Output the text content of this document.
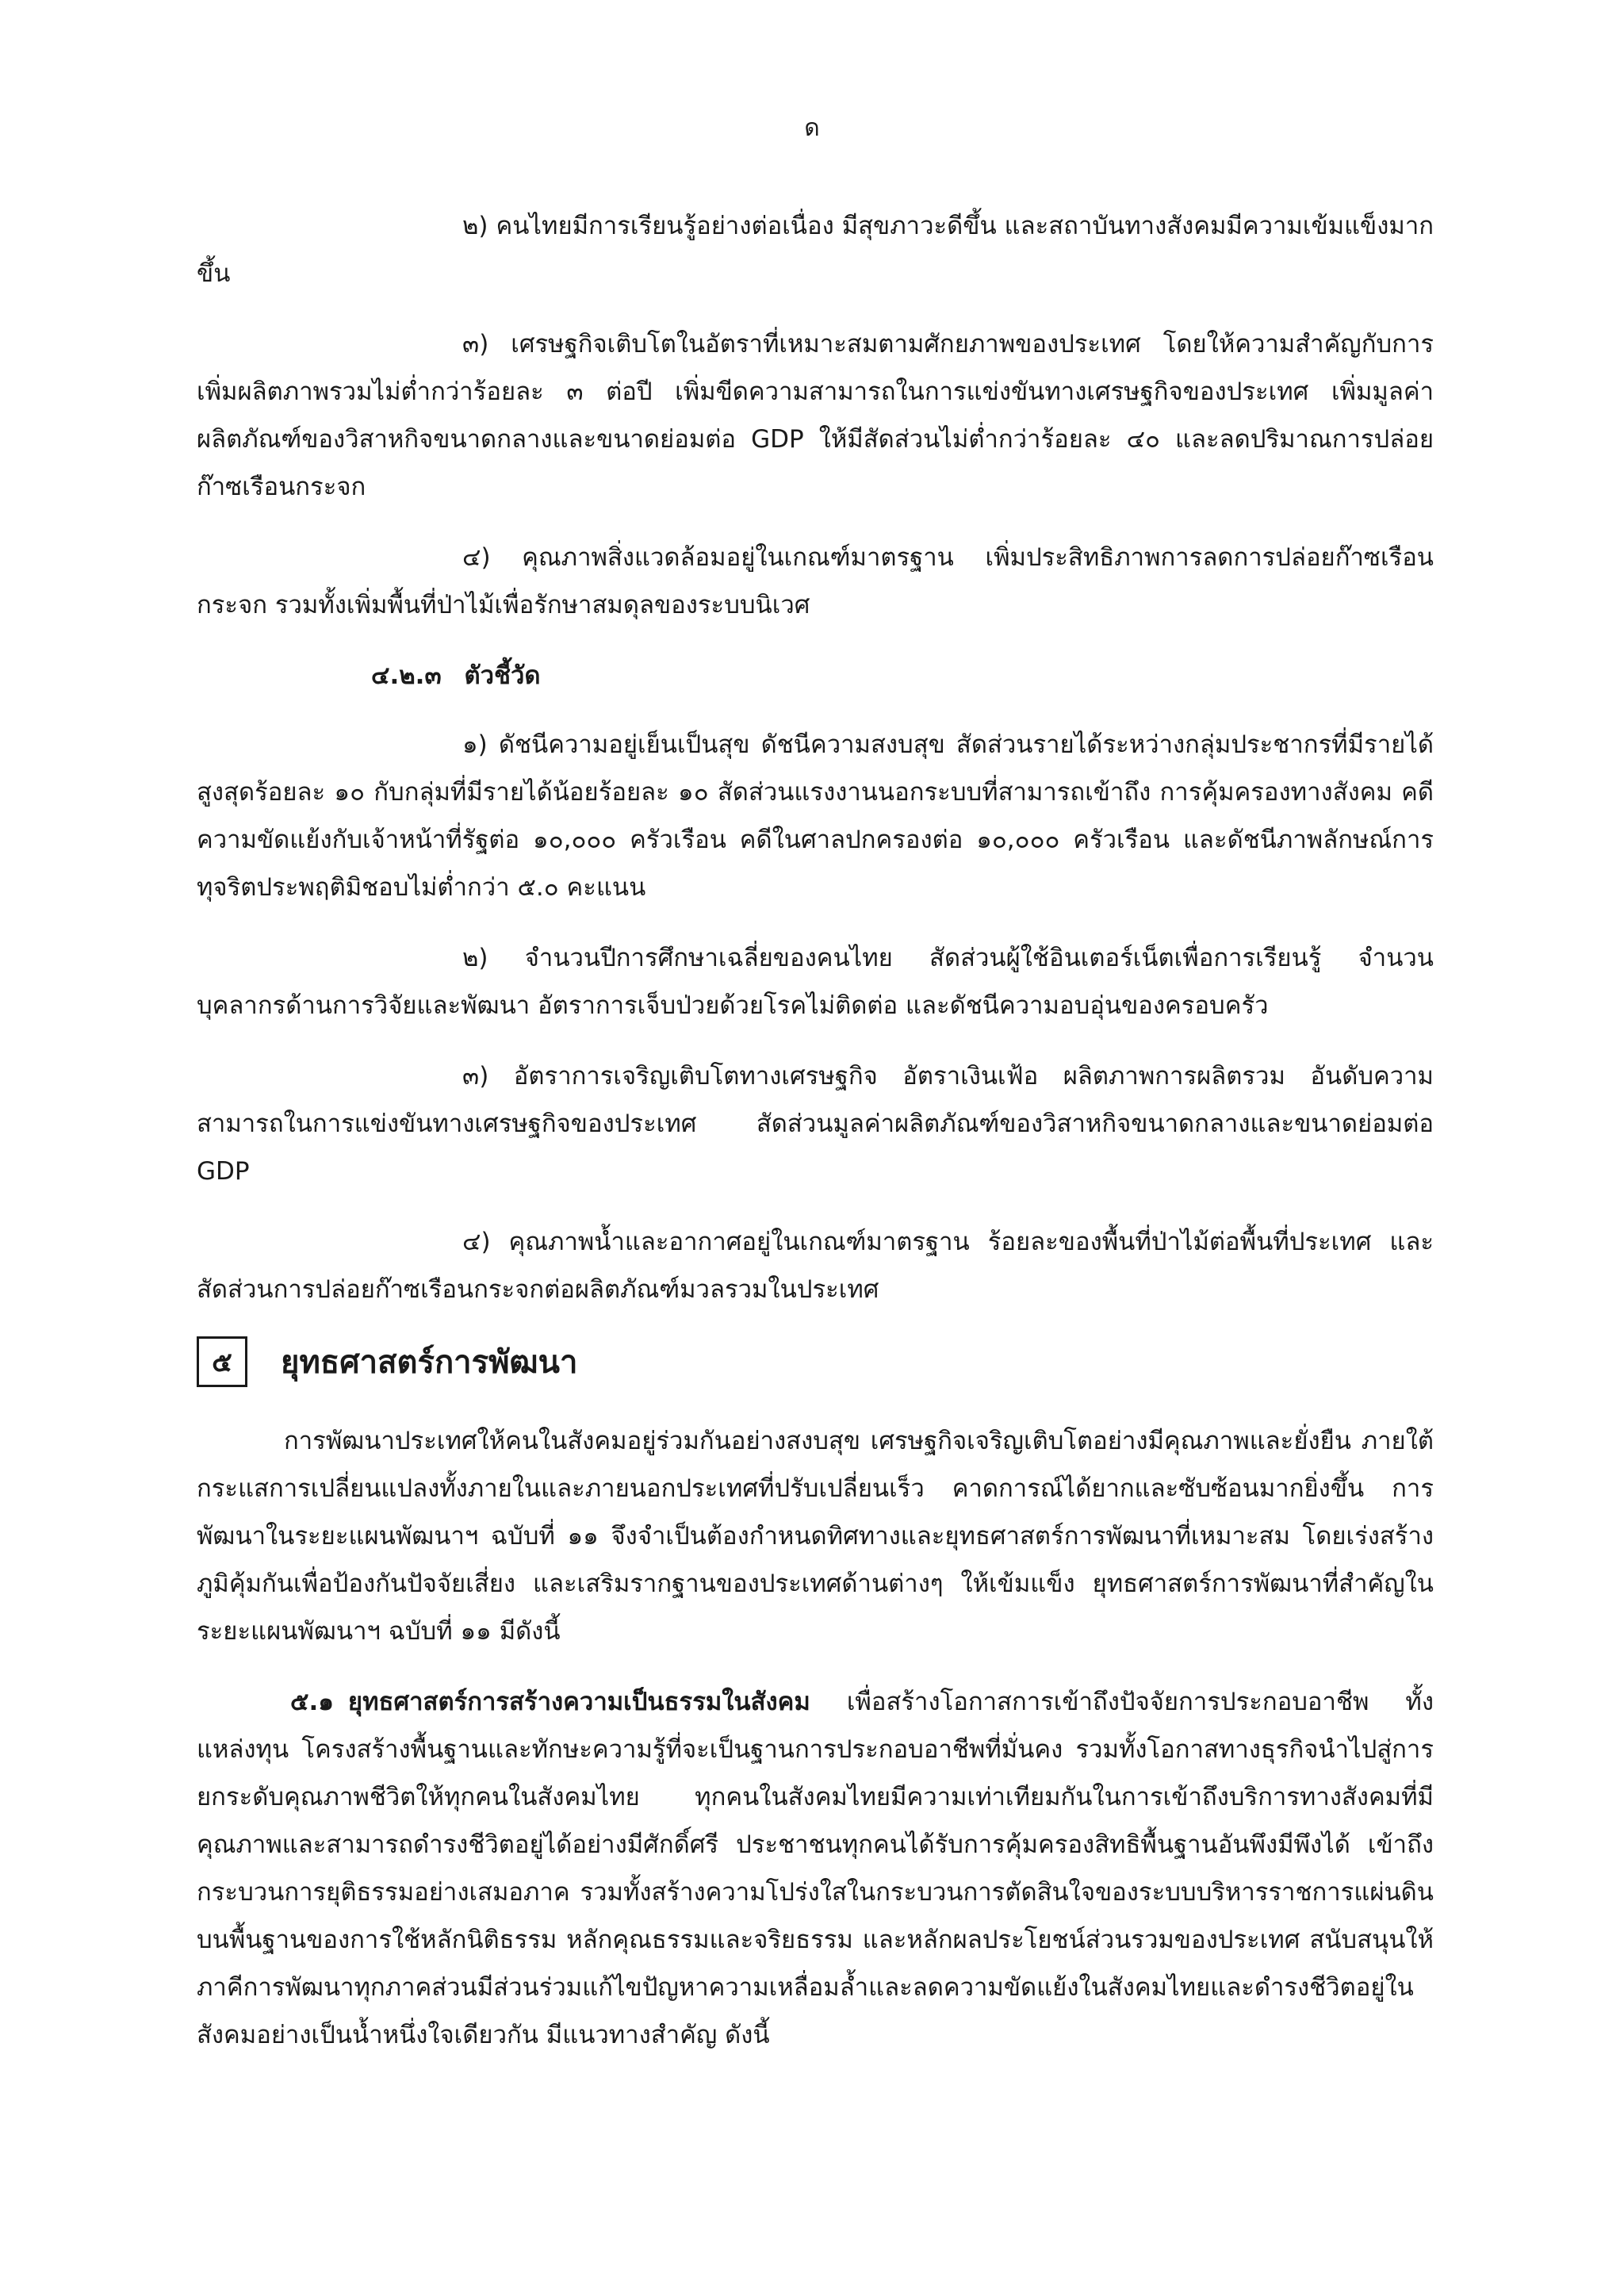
ด

๒) คนไทยมีการเรียนรู้อย่างต่อเนื่อง มีสุขภาวะดีขึ้น และสถาบันทางสังคมมีความเข้มแข็งมากขึ้น

๓) เศรษฐกิจเติบโตในอัตราที่เหมาะสมตามศักยภาพของประเทศ โดยให้ความสำคัญกับการเพิ่มผลิตภาพรวมไม่ต่ำกว่าร้อยละ ๓ ต่อปี เพิ่มขีดความสามารถในการแข่งขันทางเศรษฐกิจของประเทศ เพิ่มมูลค่าผลิตภัณฑ์ของวิสาหกิจขนาดกลางและขนาดย่อมต่อ GDP ให้มีสัดส่วนไม่ต่ำกว่าร้อยละ ๔๐ และลดปริมาณการปล่อยก๊าซเรือนกระจก

๔) คุณภาพสิ่งแวดล้อมอยู่ในเกณฑ์มาตรฐาน เพิ่มประสิทธิภาพการลดการปล่อยก๊าซเรือนกระจก รวมทั้งเพิ่มพื้นที่ป่าไม้เพื่อรักษาสมดุลของระบบนิเวศ

๔.๒.๓ ตัวชี้วัด

๑) ดัชนีความอยู่เย็นเป็นสุข ดัชนีความสงบสุข สัดส่วนรายได้ระหว่างกลุ่มประชากรที่มีรายได้สูงสุดร้อยละ ๑๐ กับกลุ่มที่มีรายได้น้อยร้อยละ ๑๐ สัดส่วนแรงงานนอกระบบที่สามารถเข้าถึง การคุ้มครองทางสังคม คดีความขัดแย้งกับเจ้าหน้าที่รัฐต่อ ๑๐,๐๐๐ ครัวเรือน คดีในศาลปกครองต่อ ๑๐,๐๐๐ ครัวเรือน และดัชนีภาพลักษณ์การทุจริตประพฤติมิชอบไม่ต่ำกว่า ๕.๐ คะแนน

๒) จำนวนปีการศึกษาเฉลี่ยของคนไทย สัดส่วนผู้ใช้อินเตอร์เน็ตเพื่อการเรียนรู้ จำนวนบุคลากรด้านการวิจัยและพัฒนา อัตราการเจ็บป่วยด้วยโรคไม่ติดต่อ และดัชนีความอบอุ่นของครอบครัว

๓) อัตราการเจริญเติบโตทางเศรษฐกิจ อัตราเงินเฟ้อ ผลิตภาพการผลิตรวม อันดับความสามารถในการแข่งขันทางเศรษฐกิจของประเทศ สัดส่วนมูลค่าผลิตภัณฑ์ของวิสาหกิจขนาดกลางและขนาดย่อมต่อ GDP

๔) คุณภาพน้ำและอากาศอยู่ในเกณฑ์มาตรฐาน ร้อยละของพื้นที่ป่าไม้ต่อพื้นที่ประเทศ และสัดส่วนการปล่อยก๊าซเรือนกระจกต่อผลิตภัณฑ์มวลรวมในประเทศ

๕	ยุทธศาสตร์การพัฒนา

การพัฒนาประเทศให้คนในสังคมอยู่ร่วมกันอย่างสงบสุข เศรษฐกิจเจริญเติบโตอย่างมีคุณภาพและยั่งยืน ภายใต้กระแสการเปลี่ยนแปลงทั้งภายในและภายนอกประเทศที่ปรับเปลี่ยนเร็ว คาดการณ์ได้ยากและซับซ้อนมากยิ่งขึ้น การพัฒนาในระยะแผนพัฒนาฯ ฉบับที่ ๑๑ จึงจำเป็นต้องกำหนดทิศทางและยุทธศาสตร์การพัฒนาที่เหมาะสม โดยเร่งสร้างภูมิคุ้มกันเพื่อป้องกันปัจจัยเสี่ยง และเสริมรากฐานของประเทศด้านต่างๆ ให้เข้มแข็ง ยุทธศาสตร์การพัฒนาที่สำคัญในระยะแผนพัฒนาฯ ฉบับที่ ๑๑ มีดังนี้

๕.๑ ยุทธศาสตร์การสร้างความเป็นธรรมในสังคม เพื่อสร้างโอกาสการเข้าถึงปัจจัยการประกอบอาชีพ ทั้งแหล่งทุน โครงสร้างพื้นฐานและทักษะความรู้ที่จะเป็นฐานการประกอบอาชีพที่มั่นคง รวมทั้งโอกาสทางธุรกิจนำไปสู่การยกระดับคุณภาพชีวิตให้ทุกคนในสังคมไทย ทุกคนในสังคมไทยมีความเท่าเทียมกันในการเข้าถึงบริการทางสังคมที่มีคุณภาพและสามารถดำรงชีวิตอยู่ได้อย่างมีศักดิ์ศรี ประชาชนทุกคนได้รับการคุ้มครองสิทธิพื้นฐานอันพึงมีพึงได้ เข้าถึงกระบวนการยุติธรรมอย่างเสมอภาค รวมทั้งสร้างความโปร่งใสในกระบวนการตัดสินใจของระบบบริหารราชการแผ่นดินบนพื้นฐานของการใช้หลักนิติธรรม หลักคุณธรรมและจริยธรรม และหลักผลประโยชน์ส่วนรวมของประเทศ สนับสนุนให้ภาคีการพัฒนาทุกภาคส่วนมีส่วนร่วมแก้ไขปัญหาความเหลื่อมล้ำและลดความขัดแย้งในสังคมไทยและดำรงชีวิตอยู่ในสังคมอย่างเป็นน้ำหนึ่งใจเดียวกัน มีแนวทางสำคัญ ดังนี้
